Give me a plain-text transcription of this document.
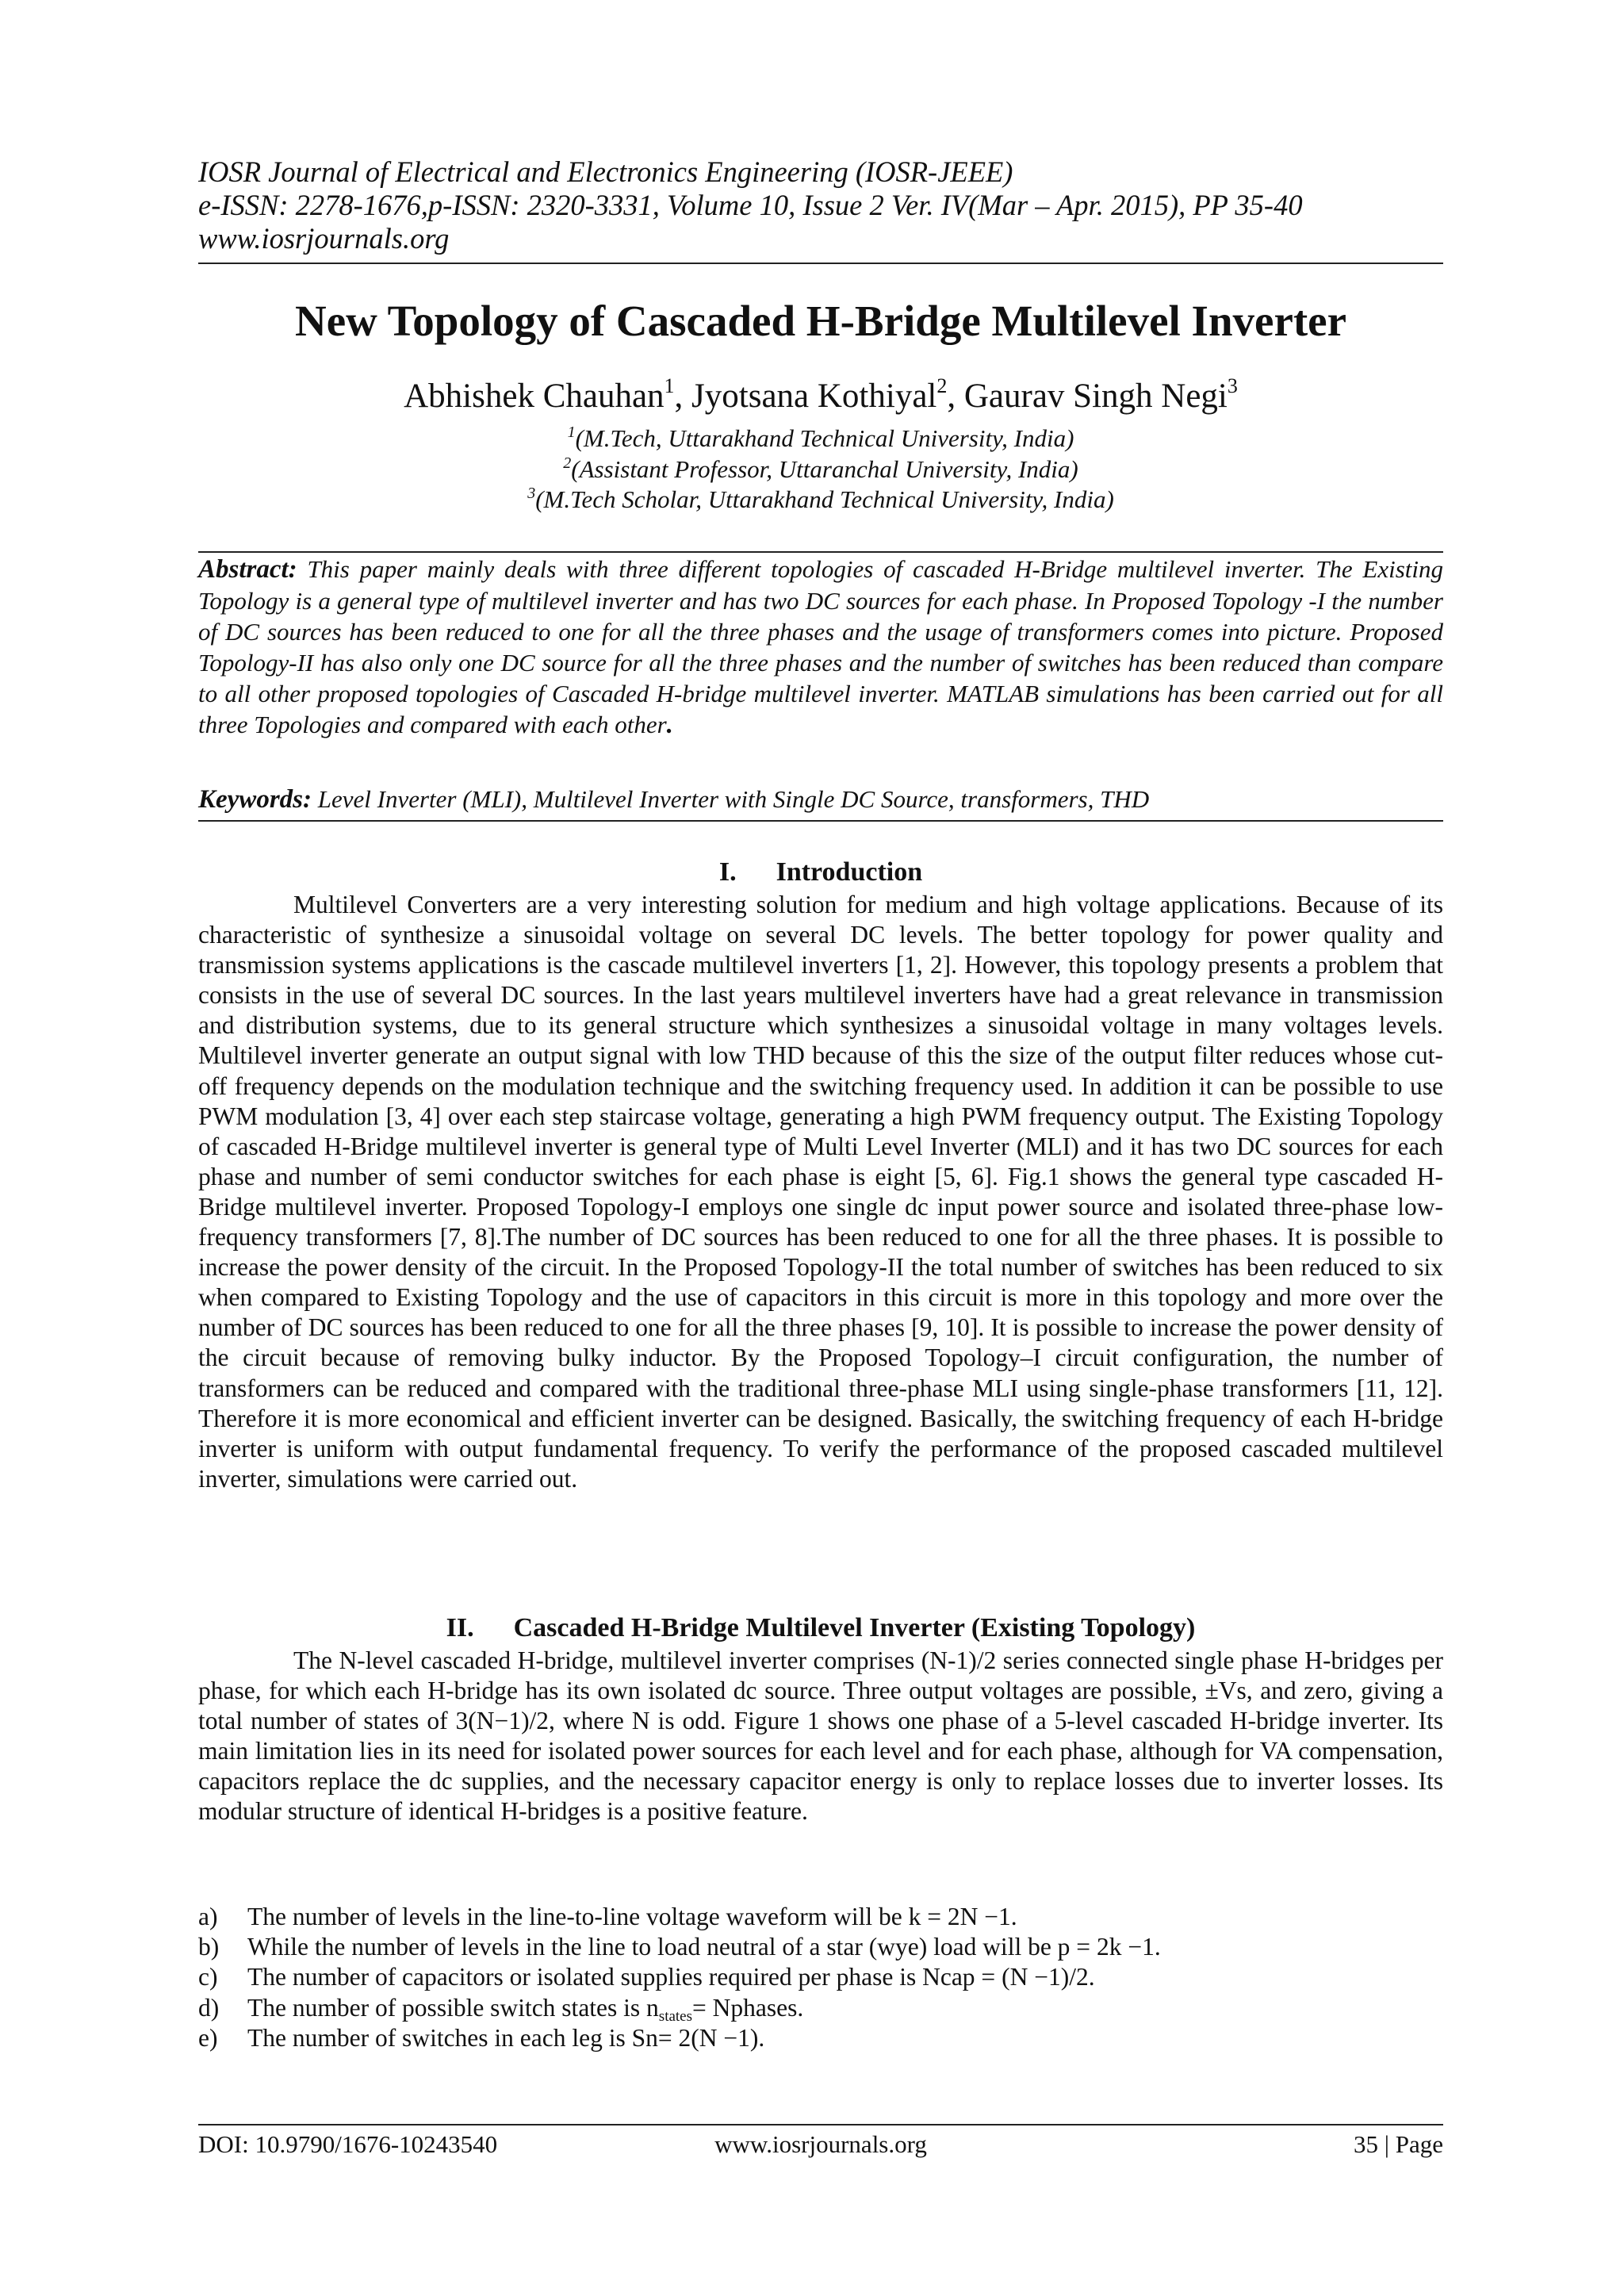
IOSR Journal of Electrical and Electronics Engineering (IOSR-JEEE)
e-ISSN: 2278-1676,p-ISSN: 2320-3331, Volume 10, Issue 2 Ver. IV(Mar – Apr. 2015), PP 35-40
www.iosrjournals.org
New Topology of Cascaded H-Bridge Multilevel Inverter
Abhishek Chauhan$^1$, Jyotsana Kothiyal$^2$, Gaurav Singh Negi$^3$
$^1$(M.Tech, Uttarakhand Technical University, India)
$^2$(Assistant Professor, Uttaranchal University, India)
$^3$(M.Tech Scholar, Uttarakhand Technical University, India)
Abstract: This paper mainly deals with three different topologies of cascaded H-Bridge multilevel inverter. The Existing Topology is a general type of multilevel inverter and has two DC sources for each phase. In Proposed Topology -I the number of DC sources has been reduced to one for all the three phases and the usage of transformers comes into picture. Proposed Topology-II has also only one DC source for all the three phases and the number of switches has been reduced than compare to all other proposed topologies of Cascaded H-bridge multilevel inverter. MATLAB simulations has been carried out for all three Topologies and compared with each other.
Keywords: Level Inverter (MLI), Multilevel Inverter with Single DC Source, transformers, THD
I. Introduction
Multilevel Converters are a very interesting solution for medium and high voltage applications. Because of its characteristic of synthesize a sinusoidal voltage on several DC levels. The better topology for power quality and transmission systems applications is the cascade multilevel inverters [1, 2]. However, this topology presents a problem that consists in the use of several DC sources. In the last years multilevel inverters have had a great relevance in transmission and distribution systems, due to its general structure which synthesizes a sinusoidal voltage in many voltages levels. Multilevel inverter generate an output signal with low THD because of this the size of the output filter reduces whose cut-off frequency depends on the modulation technique and the switching frequency used. In addition it can be possible to use PWM modulation [3, 4] over each step staircase voltage, generating a high PWM frequency output. The Existing Topology of cascaded H-Bridge multilevel inverter is general type of Multi Level Inverter (MLI) and it has two DC sources for each phase and number of semi conductor switches for each phase is eight [5, 6]. Fig.1 shows the general type cascaded H-Bridge multilevel inverter. Proposed Topology-I employs one single dc input power source and isolated three-phase low-frequency transformers [7, 8].The number of DC sources has been reduced to one for all the three phases. It is possible to increase the power density of the circuit. In the Proposed Topology-II the total number of switches has been reduced to six when compared to Existing Topology and the use of capacitors in this circuit is more in this topology and more over the number of DC sources has been reduced to one for all the three phases [9, 10]. It is possible to increase the power density of the circuit because of removing bulky inductor. By the Proposed Topology–I circuit configuration, the number of transformers can be reduced and compared with the traditional three-phase MLI using single-phase transformers [11, 12]. Therefore it is more economical and efficient inverter can be designed. Basically, the switching frequency of each H-bridge inverter is uniform with output fundamental frequency. To verify the performance of the proposed cascaded multilevel inverter, simulations were carried out.
II. Cascaded H-Bridge Multilevel Inverter (Existing Topology)
The N-level cascaded H-bridge, multilevel inverter comprises (N-1)/2 series connected single phase H-bridges per phase, for which each H-bridge has its own isolated dc source. Three output voltages are possible, ±Vs, and zero, giving a total number of states of 3(N−1)/2, where N is odd. Figure 1 shows one phase of a 5-level cascaded H-bridge inverter. Its main limitation lies in its need for isolated power sources for each level and for each phase, although for VA compensation, capacitors replace the dc supplies, and the necessary capacitor energy is only to replace losses due to inverter losses. Its modular structure of identical H-bridges is a positive feature.
a)	The number of levels in the line-to-line voltage waveform will be k = 2N −1.
b)	While the number of levels in the line to load neutral of a star (wye) load will be p = 2k −1.
c)	The number of capacitors or isolated supplies required per phase is Ncap = (N −1)/2.
d)	The number of possible switch states is $n_{states}=$ Nphases.
e)	The number of switches in each leg is Sn= 2(N −1).
DOI: 10.9790/1676-10243540	www.iosrjournals.org	35 | Page
